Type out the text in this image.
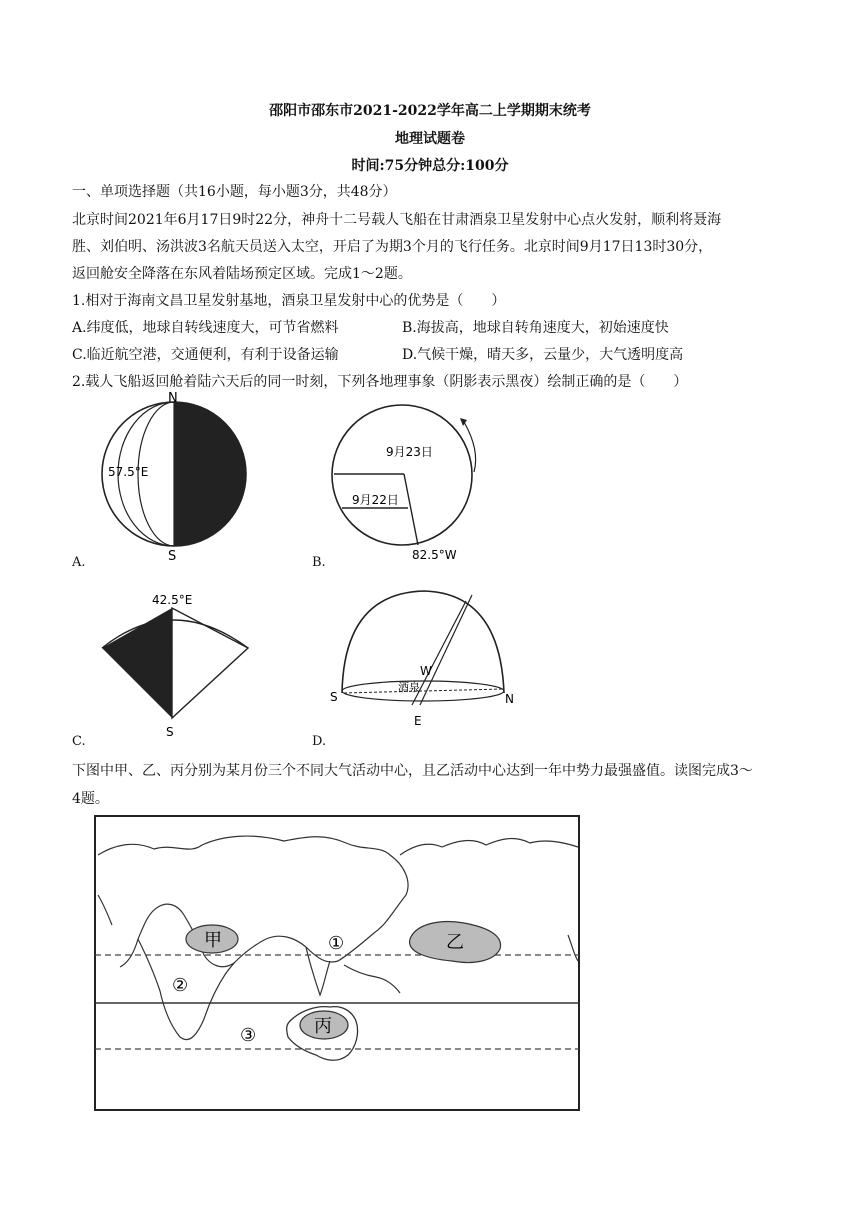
邵阳市邵东市2021-2022学年高二上学期期末统考
地理试题卷
时间:75分钟总分:100分
一、单项选择题（共16小题，每小题3分，共48分）
北京时间2021年6月17日9时22分，神舟十二号载人飞船在甘肃酒泉卫星发射中心点火发射，顺利将聂海
胜、刘伯明、汤洪波3名航天员送入太空，开启了为期3个月的飞行任务。北京时间9月17日13时30分，
返回舱安全降落在东风着陆场预定区域。完成1～2题。
1.相对于海南文昌卫星发射基地，酒泉卫星发射中心的优势是（　　）
A.纬度低，地球自转线速度大，可节省燃料	B.海拔高，地球自转角速度大，初始速度快
C.临近航空港，交通便利，有利于设备运输	D.气候干燥，晴天多，云量少，大气透明度高
2.载人飞船返回舱着陆六天后的同一时刻，下列各地理事象（阴影表示黑夜）绘制正确的是（　　）
N
S
57.5°E
A.
9月23日
9月22日
82.5°W
B.
42.5°E
S
C.
S	N
W
E
酒泉
D.
下图中甲、乙、丙分别为某月份三个不同大气活动中心，且乙活动中心达到一年中势力最强盛值。读图完成3～
4题。
甲	乙
丙
①
②
③
